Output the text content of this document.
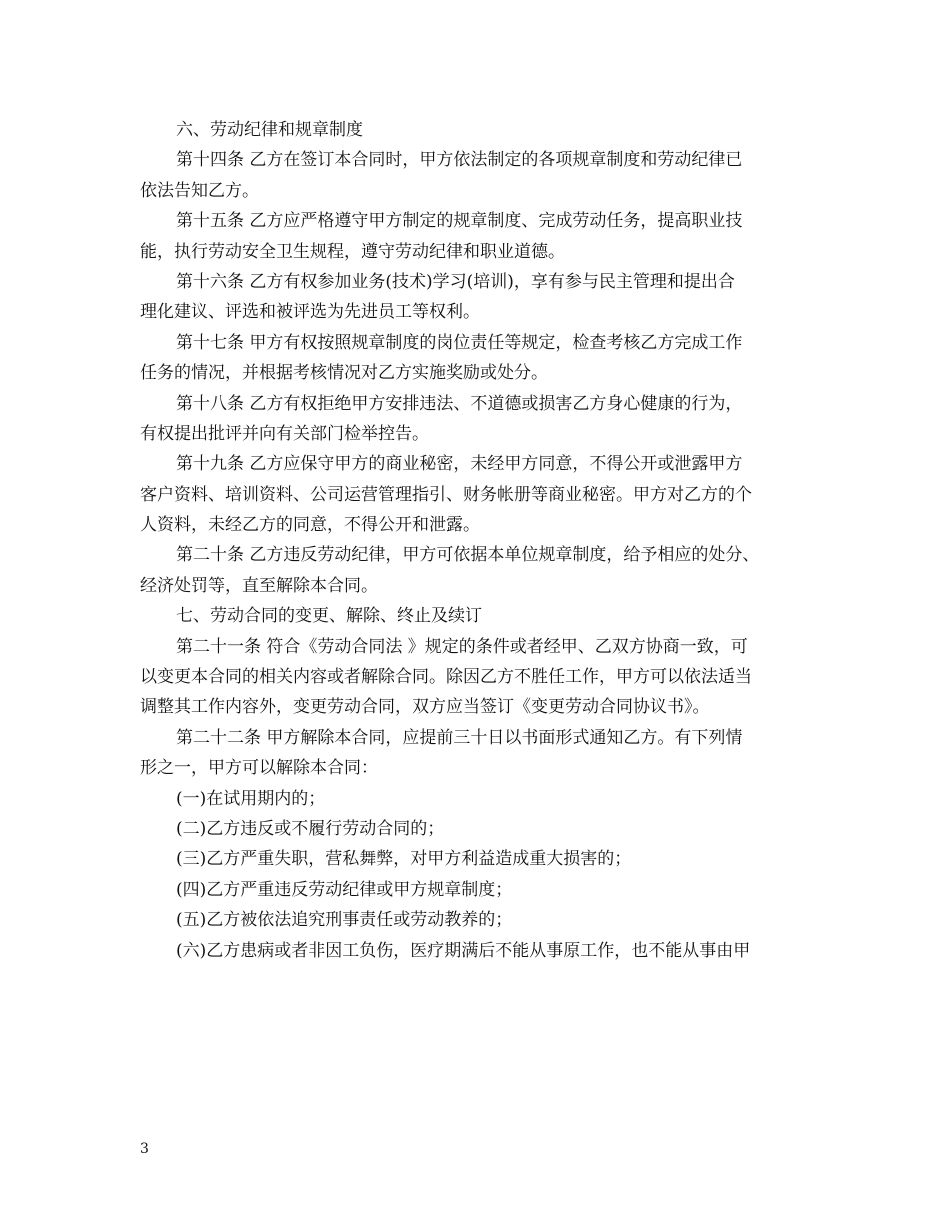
六、劳动纪律和规章制度
第十四条 乙方在签订本合同时，甲方依法制定的各项规章制度和劳动纪律已
依法告知乙方。
第十五条 乙方应严格遵守甲方制定的规章制度、完成劳动任务，提高职业技
能，执行劳动安全卫生规程，遵守劳动纪律和职业道德。
第十六条 乙方有权参加业务(技术)学习(培训)，享有参与民主管理和提出合
理化建议、评选和被评选为先进员工等权利。
第十七条 甲方有权按照规章制度的岗位责任等规定，检查考核乙方完成工作
任务的情况，并根据考核情况对乙方实施奖励或处分。
第十八条 乙方有权拒绝甲方安排违法、不道德或损害乙方身心健康的行为，
有权提出批评并向有关部门检举控告。
第十九条 乙方应保守甲方的商业秘密，未经甲方同意，不得公开或泄露甲方
客户资料、培训资料、公司运营管理指引、财务帐册等商业秘密。甲方对乙方的个
人资料，未经乙方的同意，不得公开和泄露。
第二十条 乙方违反劳动纪律，甲方可依据本单位规章制度，给予相应的处分、
经济处罚等，直至解除本合同。
七、劳动合同的变更、解除、终止及续订
第二十一条 符合《劳动合同法 》规定的条件或者经甲、乙双方协商一致，可
以变更本合同的相关内容或者解除合同。除因乙方不胜任工作，甲方可以依法适当
调整其工作内容外，变更劳动合同，双方应当签订《变更劳动合同协议书》。
第二十二条 甲方解除本合同，应提前三十日以书面形式通知乙方。有下列情
形之一，甲方可以解除本合同：
(一)在试用期内的；
(二)乙方违反或不履行劳动合同的；
(三)乙方严重失职，营私舞弊，对甲方利益造成重大损害的；
(四)乙方严重违反劳动纪律或甲方规章制度；
(五)乙方被依法追究刑事责任或劳动教养的；
(六)乙方患病或者非因工负伤，医疗期满后不能从事原工作，也不能从事由甲
3
